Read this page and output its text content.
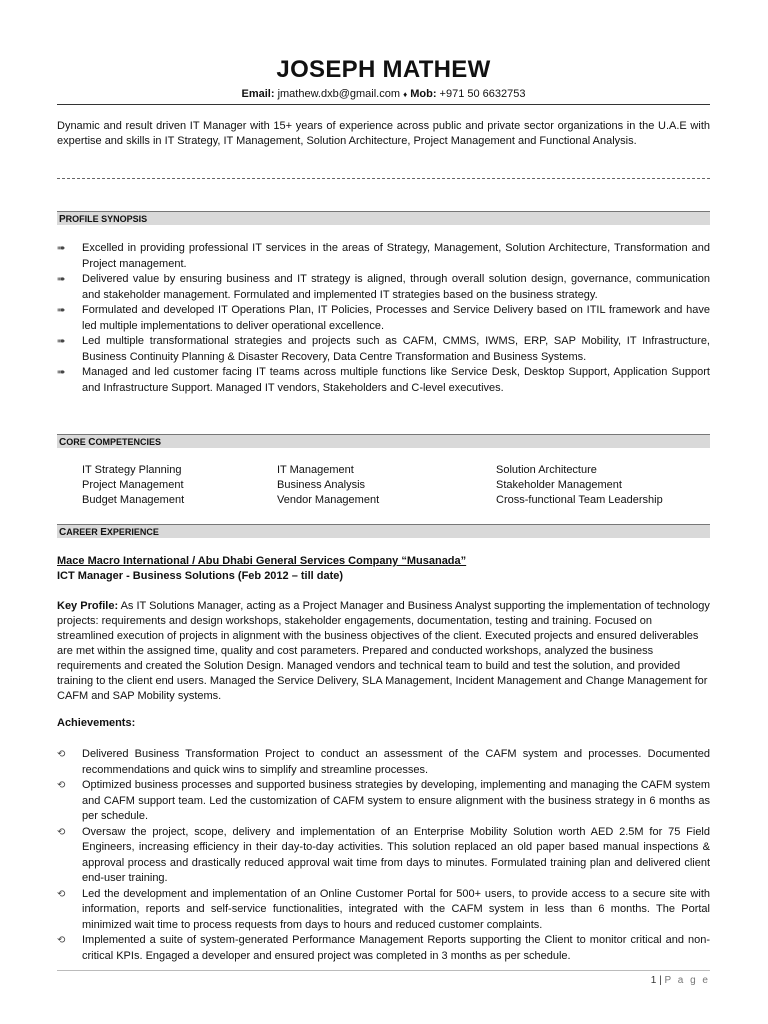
JOSEPH MATHEW
Email: jmathew.dxb@gmail.com ♦ Mob: +971 50 6632753
Dynamic and result driven IT Manager with 15+ years of experience across public and private sector organizations in the U.A.E with expertise and skills in IT Strategy, IT Management, Solution Architecture, Project Management and Functional Analysis.
PROFILE SYNOPSIS
➠ Excelled in providing professional IT services in the areas of Strategy, Management, Solution Architecture, Transformation and Project management.
➠ Delivered value by ensuring business and IT strategy is aligned, through overall solution design, governance, communication and stakeholder management. Formulated and implemented IT strategies based on the business strategy.
➠ Formulated and developed IT Operations Plan, IT Policies, Processes and Service Delivery based on ITIL framework and have led multiple implementations to deliver operational excellence.
➠ Led multiple transformational strategies and projects such as CAFM, CMMS, IWMS, ERP, SAP Mobility, IT Infrastructure, Business Continuity Planning & Disaster Recovery, Data Centre Transformation and Business Systems.
➠ Managed and led customer facing IT teams across multiple functions like Service Desk, Desktop Support, Application Support and Infrastructure Support. Managed IT vendors, Stakeholders and C-level executives.
CORE COMPETENCIES
IT Strategy Planning	IT Management	Solution Architecture
Project Management	Business Analysis	Stakeholder Management
Budget Management	Vendor Management	Cross-functional Team Leadership
CAREER EXPERIENCE
Mace Macro International / Abu Dhabi General Services Company “Musanada”
ICT Manager - Business Solutions (Feb 2012 – till date)
Key Profile: As IT Solutions Manager, acting as a Project Manager and Business Analyst supporting the implementation of technology projects: requirements and design workshops, stakeholder engagements, documentation, testing and training. Focused on streamlined execution of projects in alignment with the business objectives of the client. Executed projects and ensured deliverables are met within the assigned time, quality and cost parameters. Prepared and conducted workshops, analyzed the business requirements and created the Solution Design. Managed vendors and technical team to build and test the solution, and provided training to the client end users. Managed the Service Delivery, SLA Management, Incident Management and Change Management for CAFM and SAP Mobility systems.
Achievements:
⟲ Delivered Business Transformation Project to conduct an assessment of the CAFM system and processes. Documented recommendations and quick wins to simplify and streamline processes.
⟲ Optimized business processes and supported business strategies by developing, implementing and managing the CAFM system and CAFM support team. Led the customization of CAFM system to ensure alignment with the business strategy in 6 months as per schedule.
⟲ Oversaw the project, scope, delivery and implementation of an Enterprise Mobility Solution worth AED 2.5M for 75 Field Engineers, increasing efficiency in their day-to-day activities. This solution replaced an old paper based manual inspections & approval process and drastically reduced approval wait time from days to minutes. Formulated training plan and delivered client end-user training.
⟲ Led the development and implementation of an Online Customer Portal for 500+ users, to provide access to a secure site with information, reports and self-service functionalities, integrated with the CAFM system in less than 6 months. The Portal minimized wait time to process requests from days to hours and reduced customer complaints.
⟲ Implemented a suite of system-generated Performance Management Reports supporting the Client to monitor critical and non-critical KPIs. Engaged a developer and ensured project was completed in 3 months as per schedule.
1 | P a g e
